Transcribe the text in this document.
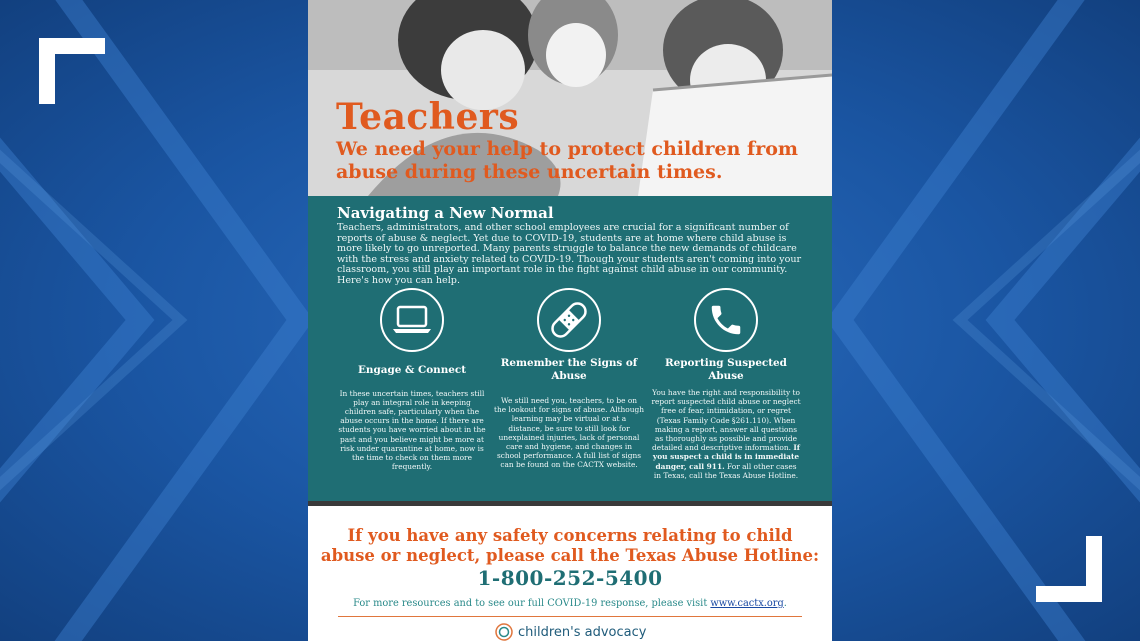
Teachers

We need your help to protect children from abuse during these uncertain times.

Navigating a New Normal

Teachers, administrators, and other school employees are crucial for a significant number of reports of abuse & neglect. Yet due to COVID-19, students are at home where child abuse is more likely to go unreported. Many parents struggle to balance the new demands of childcare with the stress and anxiety related to COVID-19. Though your students aren't coming into your classroom, you still play an important role in the fight against child abuse in our community. Here's how you can help.

Engage & Connect

In these uncertain times, teachers still play an integral role in keeping children safe, particularly when the abuse occurs in the home. If there are students you have worried about in the past and you believe might be more at risk under quarantine at home, now is the time to check on them more frequently.

Remember the Signs of Abuse

We still need you, teachers, to be on the lookout for signs of abuse. Although learning may be virtual or at a distance, be sure to still look for unexplained injuries, lack of personal care and hygiene, and changes in school performance. A full list of signs can be found on the CACTX website.

Reporting Suspected Abuse

You have the right and responsibility to report suspected child abuse or neglect free of fear, intimidation, or regret (Texas Family Code §261.110). When making a report, answer all questions as thoroughly as possible and provide detailed and descriptive information. If you suspect a child is in immediate danger, call 911. For all other cases in Texas, call the Texas Abuse Hotline.

If you have any safety concerns relating to child abuse or neglect, please call the Texas Abuse Hotline:

1-800-252-5400
For more resources and to see our full COVID-19 response, please visit www.cactx.org.
children's advocacy
